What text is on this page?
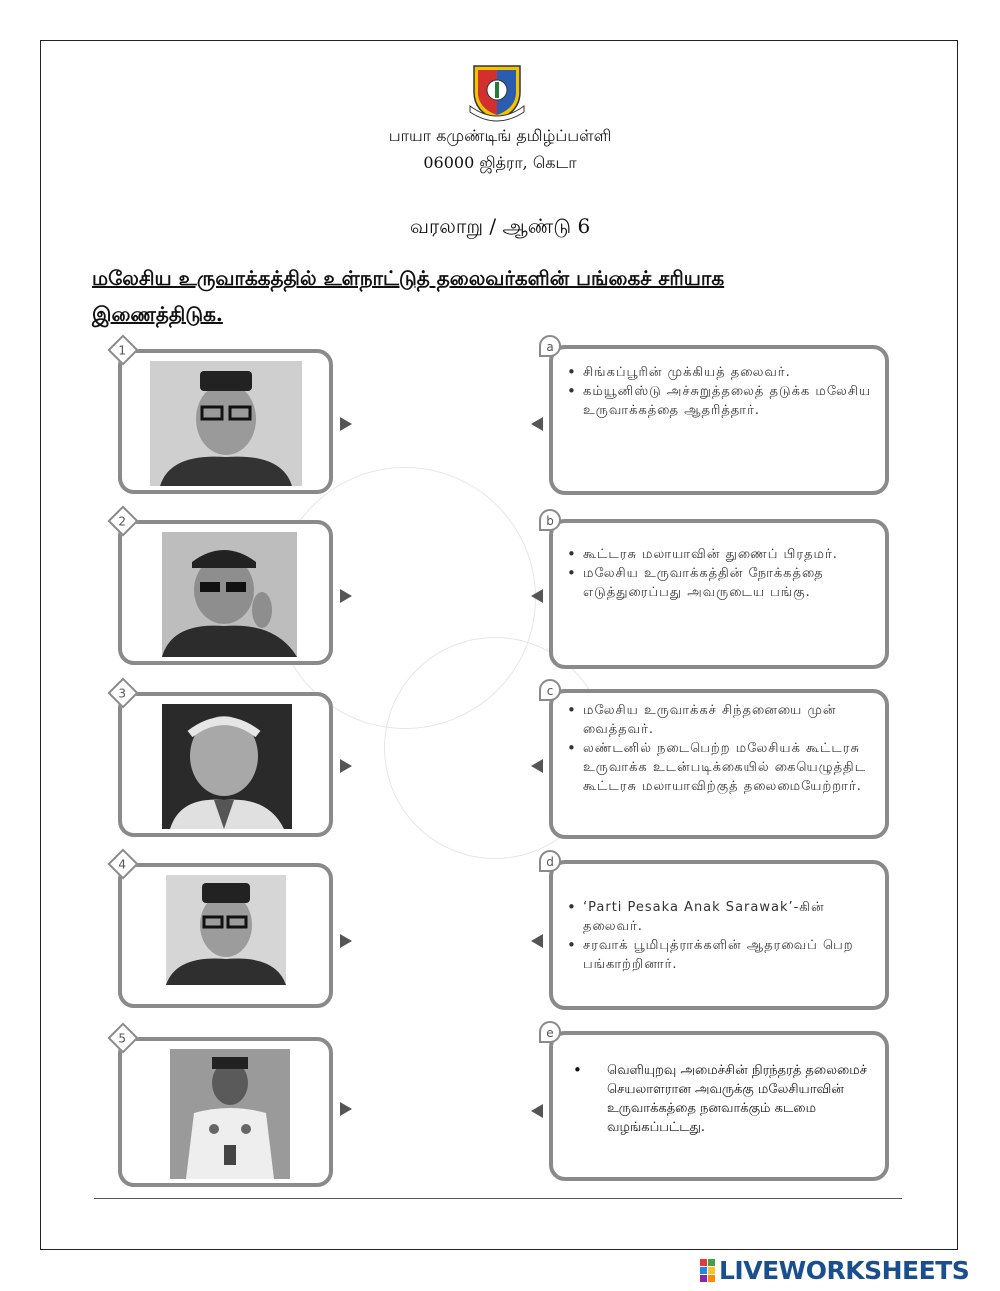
பாயா கமுண்டிங் தமிழ்ப்பள்ளி
06000 ஜித்ரா, கெடா
வரலாறு / ஆண்டு 6
மலேசிய உருவாக்கத்தில் உள்நாட்டுத் தலைவர்களின் பங்கைச் சரியாக இணைத்திடுக.
1
2
3
4
5
a
• சிங்கப்பூரின் முக்கியத் தலைவர்.
• கம்யூனிஸ்டு அச்சுறுத்தலைத் தடுக்க மலேசிய உருவாக்கத்தை ஆதரித்தார்.
b
• கூட்டரசு மலாயாவின் துணைப் பிரதமர்.
• மலேசிய உருவாக்கத்தின் நோக்கத்தை எடுத்துரைப்பது அவருடைய பங்கு.
c
• மலேசிய உருவாக்கச் சிந்தனையை முன் வைத்தவர்.
• லண்டனில் நடைபெற்ற மலேசியக் கூட்டரசு உருவாக்க உடன்படிக்கையில் கையெழுத்திட கூட்டரசு மலாயாவிற்குத் தலைமையேற்றார்.
d
• ‘Parti Pesaka Anak Sarawak’-கின் தலைவர்.
• சரவாக் பூமிபுத்ராக்களின் ஆதரவைப் பெற பங்காற்றினார்.
e
• வெளியுறவு அமைச்சின் நிரந்தரத் தலைமைச் செயலாளரான அவருக்கு மலேசியாவின் உருவாக்கத்தை நனவாக்கும் கடமை வழங்கப்பட்டது.
LIVEWORKSHEETS
